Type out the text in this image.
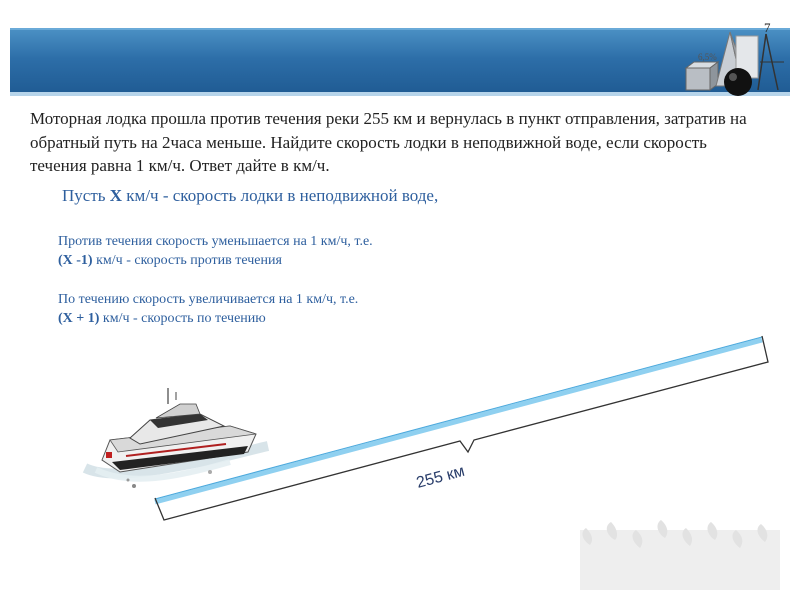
6,5%
7
Моторная лодка прошла против течения реки 255 км и вернулась в пункт отправления, затратив на обратный путь на 2часа меньше. Найдите скорость лодки в неподвижной воде, если скорость течения равна 1 км/ч. Ответ дайте в км/ч.
Пусть Х км/ч - скорость лодки в неподвижной воде,
Против течения скорость уменьшается на 1 км/ч, т.е.
(Х -1) км/ч - скорость против течения
По течению скорость увеличивается на 1 км/ч, т.е.
(Х + 1) км/ч - скорость по течению
255 км
